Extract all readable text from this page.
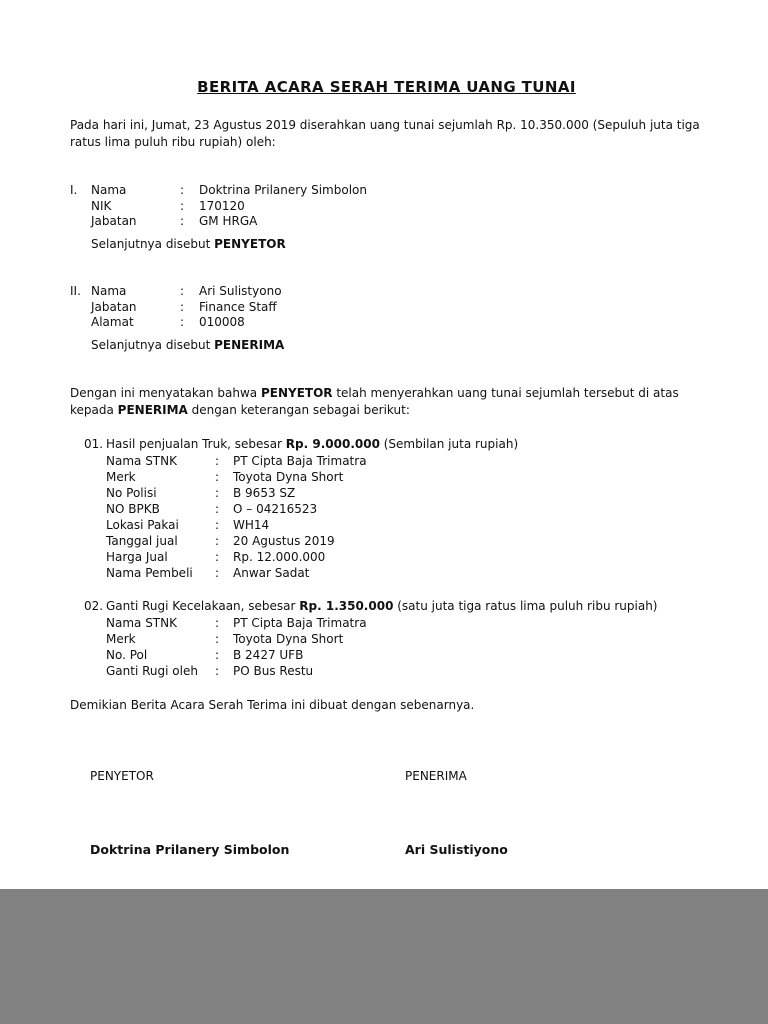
BERITA ACARA SERAH TERIMA UANG TUNAI

Pada hari ini, Jumat, 23 Agustus 2019 diserahkan uang tunai sejumlah Rp. 10.350.000 (Sepuluh juta tiga ratus lima puluh ribu rupiah) oleh:

I.	Nama	:	Doktrina Prilanery Simbolon
NIK	:	170120
Jabatan	:	GM HRGA

Selanjutnya disebut PENYETOR

II. Nama	:	Ari Sulistyono
Jabatan	:	Finance Staff
Alamat	:	010008

Selanjutnya disebut PENERIMA

Dengan ini menyatakan bahwa PENYETOR telah menyerahkan uang tunai sejumlah tersebut di atas kepada PENERIMA dengan keterangan sebagai berikut:

01. Hasil penjualan Truk, sebesar Rp. 9.000.000 (Sembilan juta rupiah)

Nama STNK	:	PT Cipta Baja Trimatra
Merk	:	Toyota Dyna Short
No Polisi	:	B 9653 SZ
NO BPKB	:	O – 04216523
Lokasi Pakai	:	WH14
Tanggal jual	:	20 Agustus 2019
Harga Jual	:	Rp. 12.000.000
Nama Pembeli	:	Anwar Sadat
02. Ganti Rugi Kecelakaan, sebesar Rp. 1.350.000 (satu juta tiga ratus lima puluh ribu rupiah)

Nama STNK	:	PT Cipta Baja Trimatra
Merk	:	Toyota Dyna Short
No. Pol	:	B 2427 UFB
Ganti Rugi oleh	:	PO Bus Restu

Demikian Berita Acara Serah Terima ini dibuat dengan sebenarnya.

PENYETOR
Doktrina Prilanery Simbolon
PENERIMA
Ari Sulistiyono
